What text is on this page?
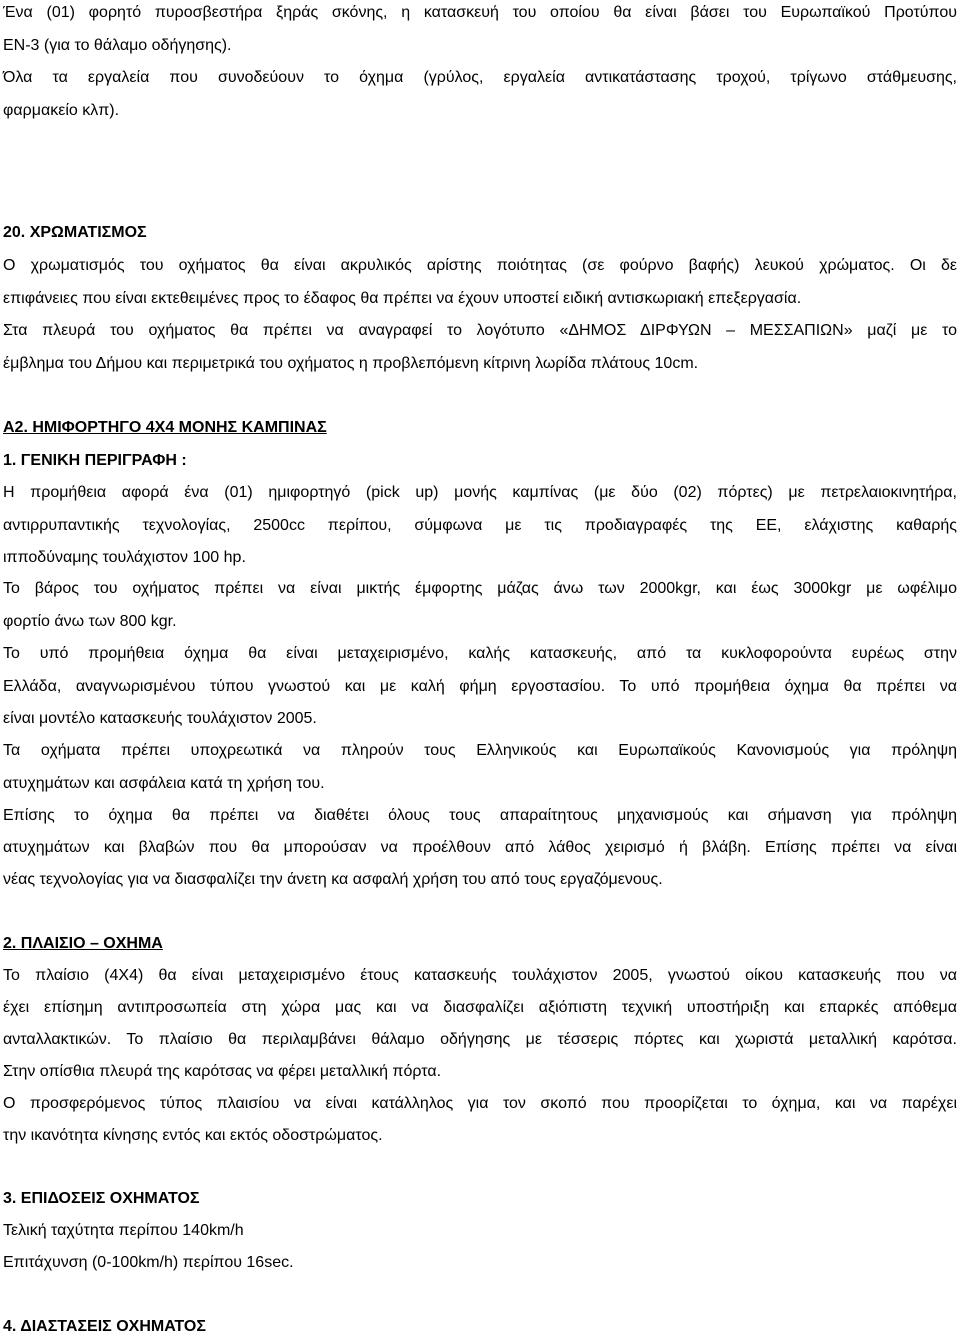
Ένα (01) φορητό πυροσβεστήρα ξηράς σκόνης, η κατασκευή του οποίου θα είναι βάσει του Ευρωπαϊκού Προτύπου
ΕΝ-3 (για το θάλαμο οδήγησης).
Όλα τα εργαλεία που συνοδεύουν το όχημα (γρύλος, εργαλεία αντικατάστασης τροχού, τρίγωνο στάθμευσης,
φαρμακείο κλπ).
20. ΧΡΩΜΑΤΙΣΜΟΣ
Ο χρωματισμός του οχήματος θα είναι ακρυλικός αρίστης ποιότητας (σε φούρνο βαφής) λευκού χρώματος. Οι δε
επιφάνειες που είναι εκτεθειμένες προς το έδαφος θα πρέπει να έχουν υποστεί ειδική αντισκωριακή επεξεργασία.
Στα πλευρά του οχήματος θα πρέπει να αναγραφεί το λογότυπο «ΔΗΜΟΣ ΔΙΡΦΥΩΝ – ΜΕΣΣΑΠΙΩΝ» μαζί με το
έμβλημα του Δήμου και περιμετρικά του οχήματος η προβλεπόμενη κίτρινη λωρίδα πλάτους 10cm.
Α2. ΗΜΙΦΟΡΤΗΓΟ 4Χ4 ΜΟΝΗΣ ΚΑΜΠΙΝΑΣ
1. ΓΕΝΙΚΗ ΠΕΡΙΓΡΑΦΗ :
Η προμήθεια αφορά ένα (01) ημιφορτηγό (pick up) μονής καμπίνας (με δύο (02) πόρτες) με πετρελαιοκινητήρα,
αντιρρυπαντικής τεχνολογίας, 2500cc περίπου, σύμφωνα με τις προδιαγραφές της ΕΕ, ελάχιστης καθαρής
ιπποδύναμης τουλάχιστον 100 hp.
Το βάρος του οχήματος πρέπει να είναι μικτής έμφορτης μάζας άνω των 2000kgr, και έως 3000kgr με ωφέλιμο
φορτίο άνω των 800 kgr.
Το υπό προμήθεια όχημα θα είναι μεταχειρισμένο, καλής κατασκευής, από τα κυκλοφορούντα ευρέως στην
Ελλάδα, αναγνωρισμένου τύπου γνωστού και με καλή φήμη εργοστασίου. Το υπό προμήθεια όχημα θα πρέπει να
είναι μοντέλο κατασκευής τουλάχιστον 2005.
Τα οχήματα πρέπει υποχρεωτικά να πληρούν τους Ελληνικούς και Ευρωπαϊκούς Κανονισμούς για πρόληψη
ατυχημάτων και ασφάλεια κατά τη χρήση του.
Επίσης το όχημα θα πρέπει να διαθέτει όλους τους απαραίτητους μηχανισμούς και σήμανση για πρόληψη
ατυχημάτων και βλαβών που θα μπορούσαν να προέλθουν από λάθος χειρισμό ή βλάβη. Επίσης πρέπει να είναι
νέας τεχνολογίας για να διασφαλίζει την άνετη κα ασφαλή χρήση του από τους εργαζόμενους.
2. ΠΛΑΙΣΙΟ – ΟΧΗΜΑ
Το πλαίσιο (4Χ4) θα είναι μεταχειρισμένο έτους κατασκευής τουλάχιστον 2005, γνωστού οίκου κατασκευής που να
έχει επίσημη αντιπροσωπεία στη χώρα μας και να διασφαλίζει αξιόπιστη τεχνική υποστήριξη και επαρκές απόθεμα
ανταλλακτικών. Το πλαίσιο θα περιλαμβάνει θάλαμο οδήγησης με τέσσερις πόρτες και χωριστά μεταλλική καρότσα.
Στην οπίσθια πλευρά της καρότσας να φέρει μεταλλική πόρτα.
Ο προσφερόμενος τύπος πλαισίου να είναι κατάλληλος για τον σκοπό που προορίζεται το όχημα, και να παρέχει
την ικανότητα κίνησης εντός και εκτός οδοστρώματος.
3. ΕΠΙΔΟΣΕΙΣ ΟΧΗΜΑΤΟΣ
Τελική ταχύτητα περίπου 140km/h
Επιτάχυνση (0-100km/h) περίπου 16sec.
4. ΔΙΑΣΤΑΣΕΙΣ ΟΧΗΜΑΤΟΣ
